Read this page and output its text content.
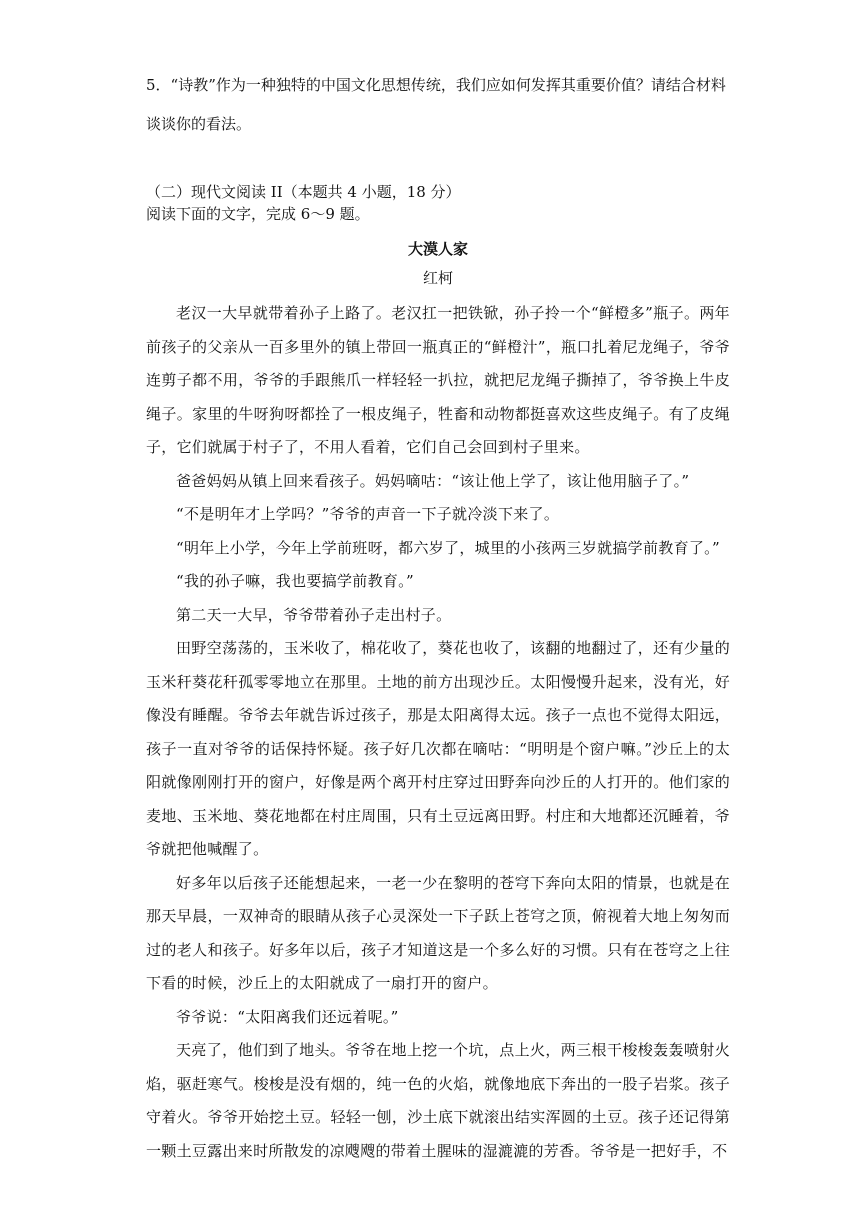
5．“诗教”作为一种独特的中国文化思想传统，我们应如何发挥其重要价值？请结合材料谈谈你的看法。

（二）现代文阅读 II（本题共 4 小题，18 分）

阅读下面的文字，完成 6～9 题。

大漠人家
红柯

老汉一大早就带着孙子上路了。老汉扛一把铁锨，孙子拎一个“鲜橙多”瓶子。两年前孩子的父亲从一百多里外的镇上带回一瓶真正的“鲜橙汁”，瓶口扎着尼龙绳子，爷爷连剪子都不用，爷爷的手跟熊爪一样轻轻一扒拉，就把尼龙绳子撕掉了，爷爷换上牛皮绳子。家里的牛呀狗呀都拴了一根皮绳子，牲畜和动物都挺喜欢这些皮绳子。有了皮绳子，它们就属于村子了，不用人看着，它们自己会回到村子里来。

爸爸妈妈从镇上回来看孩子。妈妈嘀咕：“该让他上学了，该让他用脑子了。”

“不是明年才上学吗？”爷爷的声音一下子就冷淡下来了。

“明年上小学，今年上学前班呀，都六岁了，城里的小孩两三岁就搞学前教育了。”

“我的孙子嘛，我也要搞学前教育。”

第二天一大早，爷爷带着孙子走出村子。

田野空荡荡的，玉米收了，棉花收了，葵花也收了，该翻的地翻过了，还有少量的玉米秆葵花秆孤零零地立在那里。土地的前方出现沙丘。太阳慢慢升起来，没有光，好像没有睡醒。爷爷去年就告诉过孩子，那是太阳离得太远。孩子一点也不觉得太阳远，孩子一直对爷爷的话保持怀疑。孩子好几次都在嘀咕：“明明是个窗户嘛。”沙丘上的太阳就像刚刚打开的窗户，好像是两个离开村庄穿过田野奔向沙丘的人打开的。他们家的麦地、玉米地、葵花地都在村庄周围，只有土豆远离田野。村庄和大地都还沉睡着，爷爷就把他喊醒了。

好多年以后孩子还能想起来，一老一少在黎明的苍穹下奔向太阳的情景，也就是在那天早晨，一双神奇的眼睛从孩子心灵深处一下子跃上苍穹之顶，俯视着大地上匆匆而过的老人和孩子。好多年以后，孩子才知道这是一个多么好的习惯。只有在苍穹之上往下看的时候，沙丘上的太阳就成了一扇打开的窗户。

爷爷说：“太阳离我们还远着呢。”

天亮了，他们到了地头。爷爷在地上挖一个坑，点上火，两三根干梭梭轰轰喷射火焰，驱赶寒气。梭梭是没有烟的，纯一色的火焰，就像地底下奔出的一股子岩浆。孩子守着火。爷爷开始挖土豆。轻轻一刨，沙土底下就滚出结实浑圆的土豆。孩子还记得第一颗土豆露出来时所散发的凉飕飕的带着土腥味的湿漉漉的芳香。爷爷是一把好手，不
